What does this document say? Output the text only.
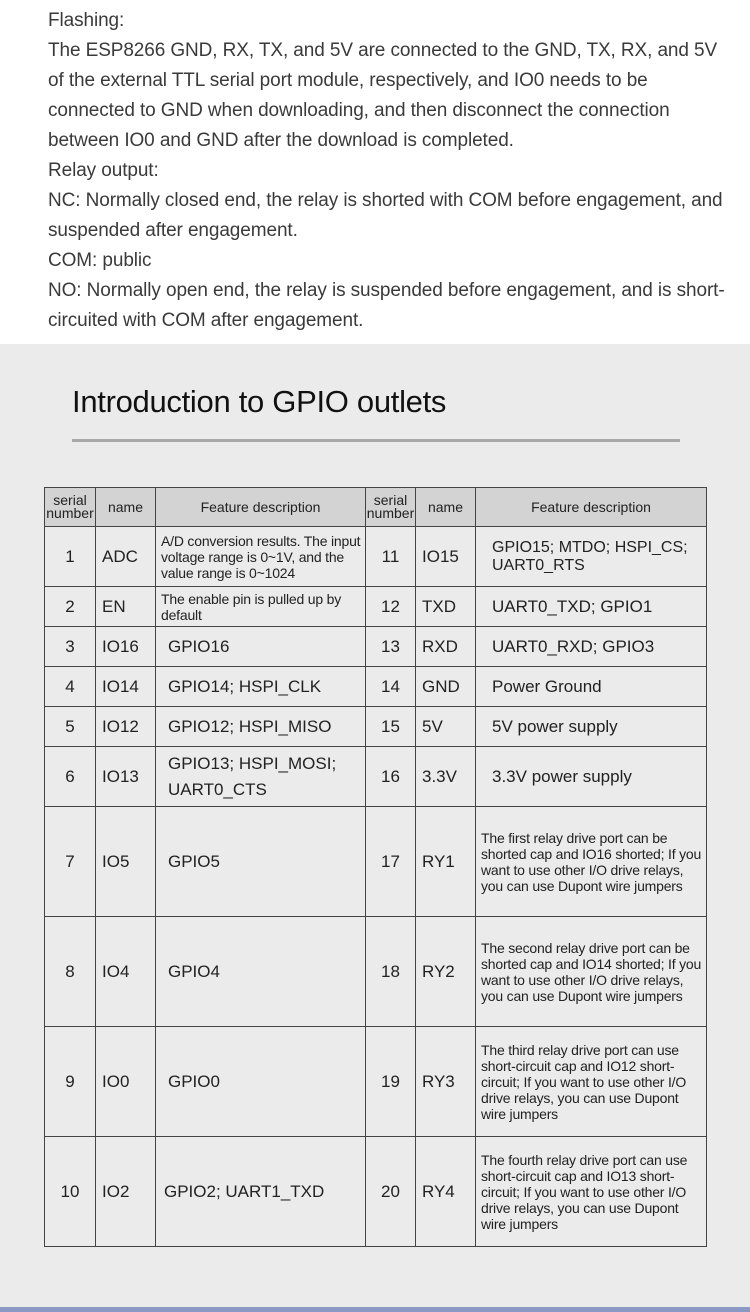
Flashing:

The ESP8266 GND, RX, TX, and 5V are connected to the GND, TX, RX, and 5V of the external TTL serial port module, respectively, and IO0 needs to be connected to GND when downloading, and then disconnect the connection between IO0 and GND after the download is completed.

Relay output:

NC: Normally closed end, the relay is shorted with COM before engagement, and suspended after engagement.

COM: public

NO: Normally open end, the relay is suspended before engagement, and is short-circuited with COM after engagement.

Introduction to GPIO outlets
serial number	name	Feature description	serial number	name	Feature description
1	ADC	A/D conversion results. The input voltage range is 0~1V, and the value range is 0~1024	11	IO15	GPIO15; MTDO; HSPI_CS; UART0_RTS
2	EN	The enable pin is pulled up by default	12	TXD	UART0_TXD; GPIO1
3	IO16	GPIO16	13	RXD	UART0_RXD; GPIO3
4	IO14	GPIO14; HSPI_CLK	14	GND	Power Ground
5	IO12	GPIO12; HSPI_MISO	15	5V	5V power supply
6	IO13	GPIO13; HSPI_MOSI; UART0_CTS	16	3.3V	3.3V power supply
7	IO5	GPIO5	17	RY1	The first relay drive port can be shorted cap and IO16 shorted; If you want to use other I/O drive relays, you can use Dupont wire jumpers
8	IO4	GPIO4	18	RY2	The second relay drive port can be shorted cap and IO14 shorted; If you want to use other I/O drive relays, you can use Dupont wire jumpers
9	IO0	GPIO0	19	RY3	The third relay drive port can use short-circuit cap and IO12 short-circuit; If you want to use other I/O drive relays, you can use Dupont wire jumpers
10	IO2	GPIO2; UART1_TXD	20	RY4	The fourth relay drive port can use short-circuit cap and IO13 short-circuit; If you want to use other I/O drive relays, you can use Dupont wire jumpers
